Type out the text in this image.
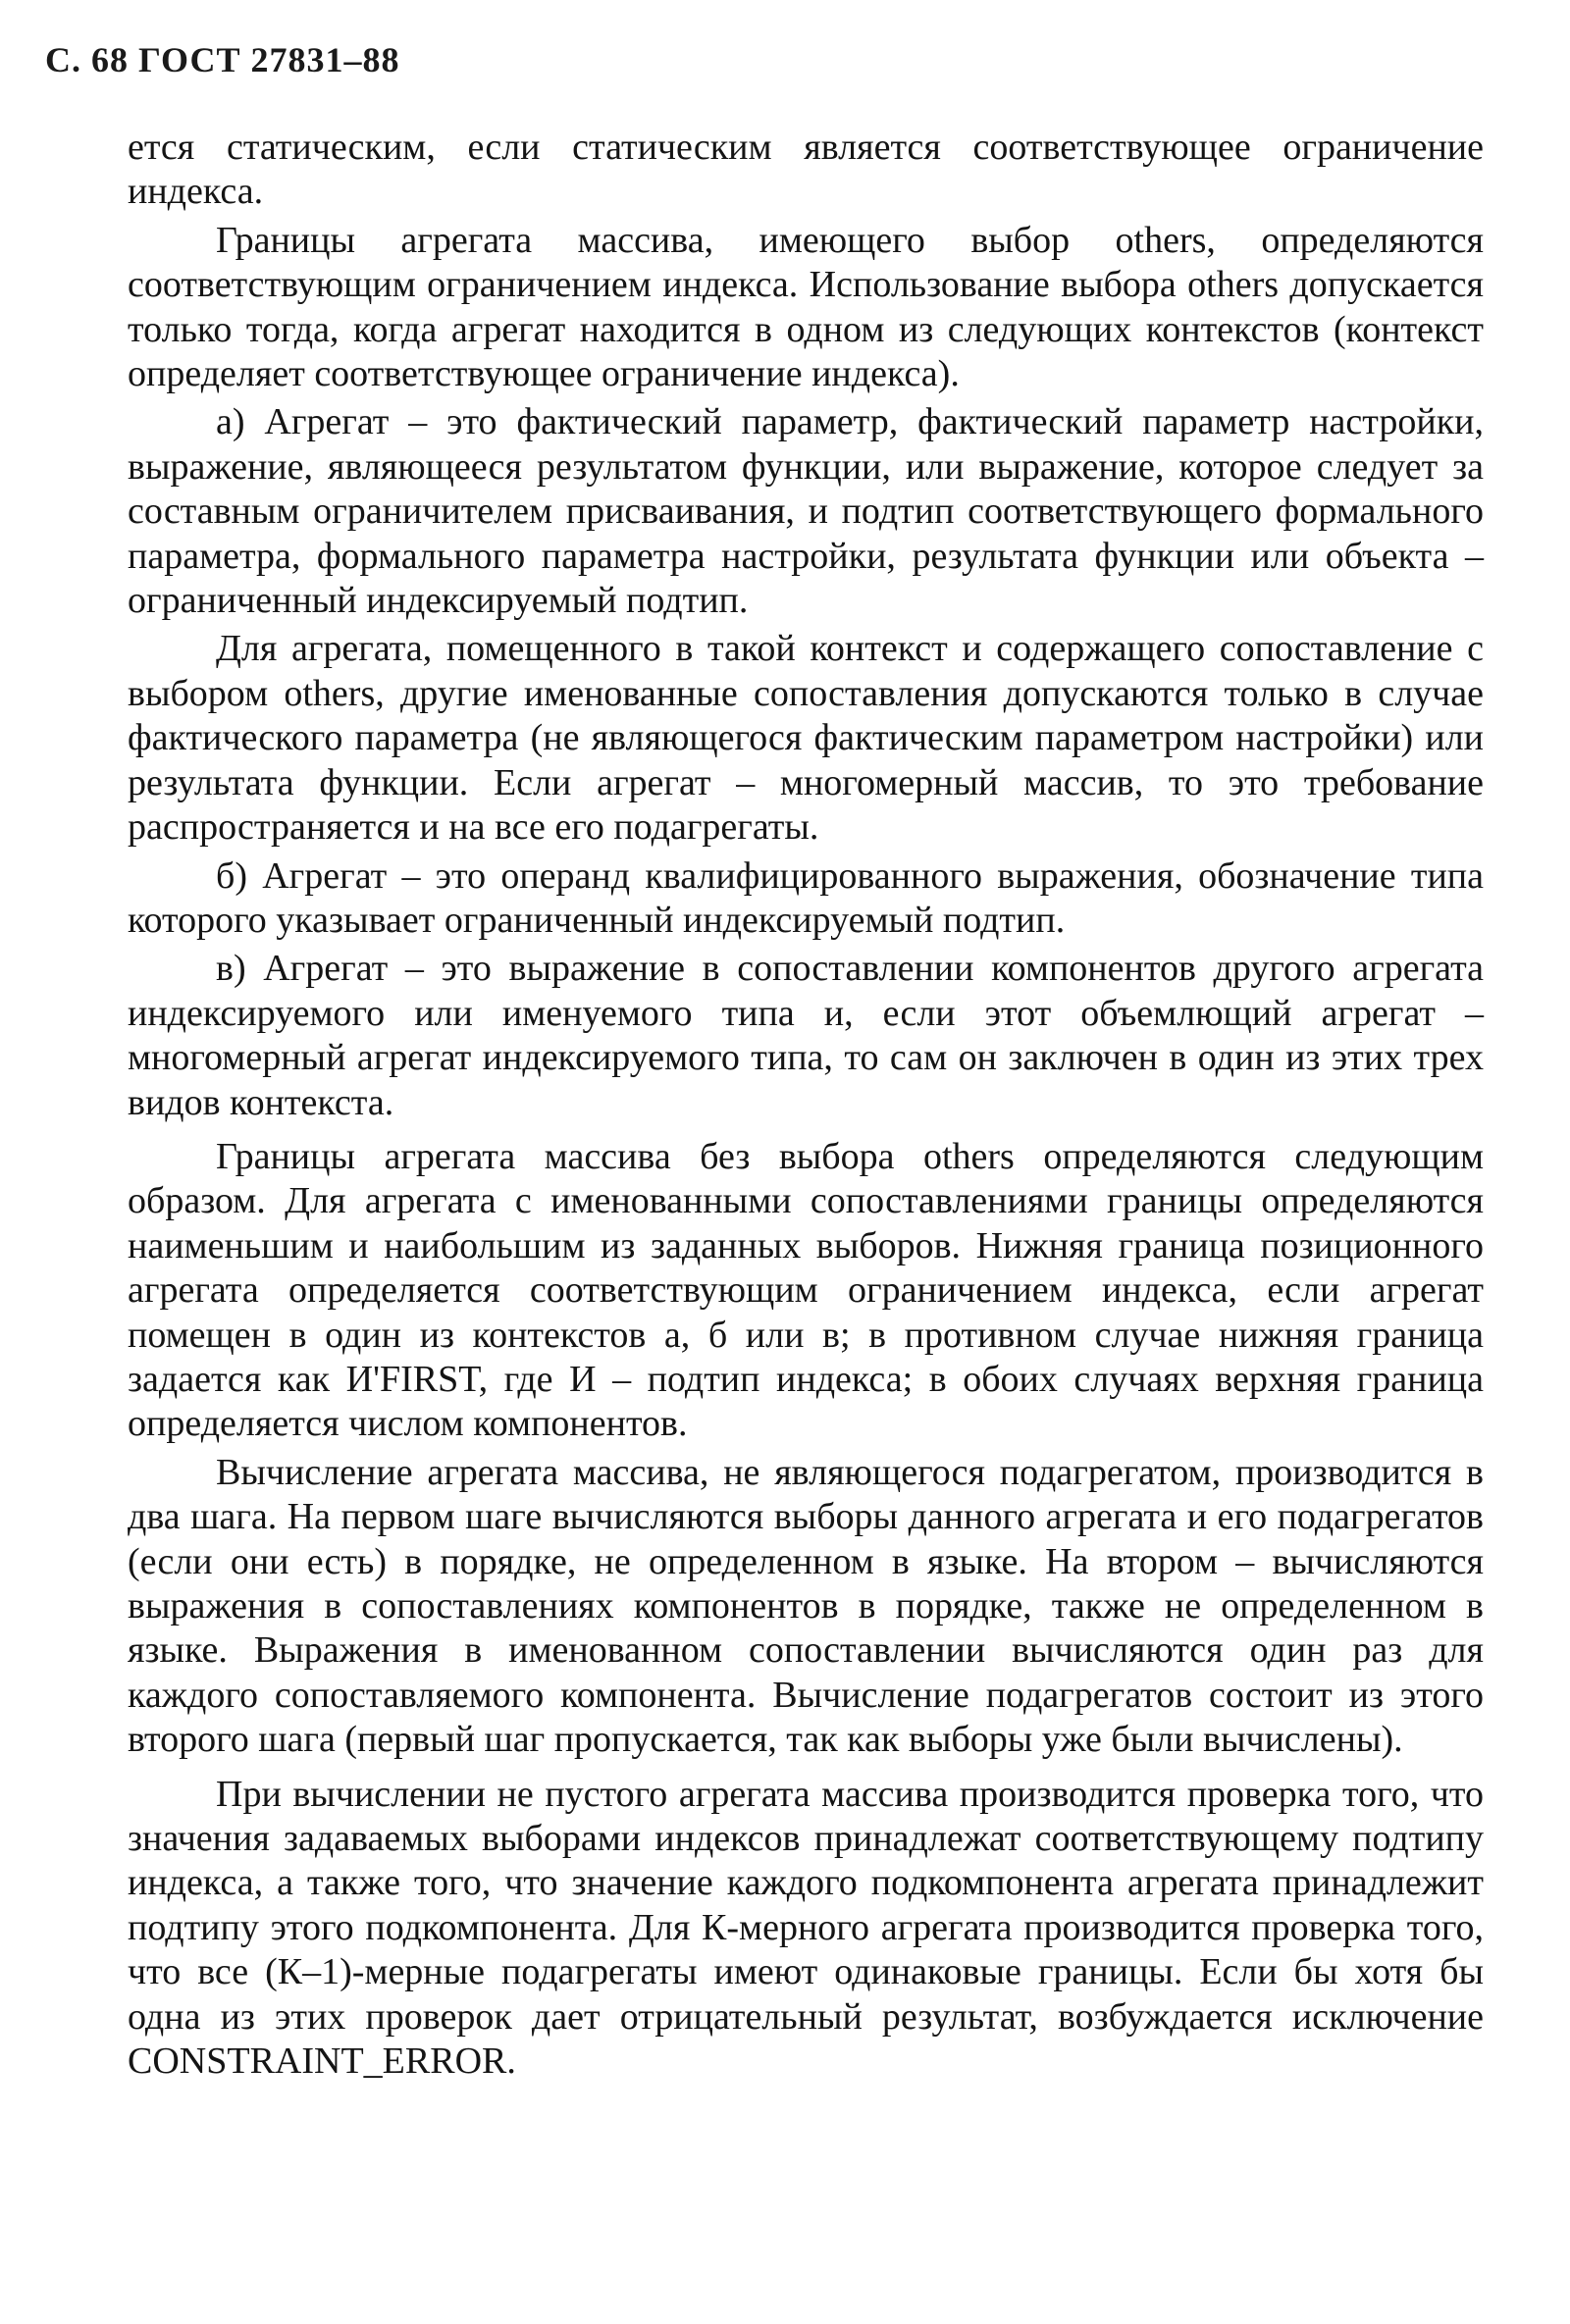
С. 68 ГОСТ 27831–88

ется статическим, если статическим является соответствующее ограничение индекса.

Границы агрегата массива, имеющего выбор others, определяются соответствующим ограничением индекса. Использование выбора others допускается только тогда, когда агрегат находится в одном из следующих контекстов (контекст определяет соответствующее ограничение индекса).

а) Агрегат – это фактический параметр, фактический параметр настройки, выражение, являющееся результатом функции, или выражение, которое следует за составным ограничителем присваивания, и подтип соответствующего формального параметра, формального параметра настройки, результата функции или объекта – ограниченный индексируемый подтип.

Для агрегата, помещенного в такой контекст и содержащего сопоставление с выбором others, другие именованные сопоставления допускаются только в случае фактического параметра (не являющегося фактическим параметром настройки) или результата функции. Если агрегат – многомерный массив, то это требование распространяется и на все его подагрегаты.

б) Агрегат – это операнд квалифицированного выражения, обозначение типа которого указывает ограниченный индексируемый подтип.

в) Агрегат – это выражение в сопоставлении компонентов другого агрегата индексируемого или именуемого типа и, если этот объемлющий агрегат – многомерный агрегат индексируемого типа, то сам он заключен в один из этих трех видов контекста.

Границы агрегата массива без выбора others определяются следующим образом. Для агрегата с именованными сопоставлениями границы определяются наименьшим и наибольшим из заданных выборов. Нижняя граница позиционного агрегата определяется соответствующим ограничением индекса, если агрегат помещен в один из контекстов а, б или в; в противном случае нижняя граница задается как И'FIRST, где И – подтип индекса; в обоих случаях верхняя граница определяется числом компонентов.

Вычисление агрегата массива, не являющегося подагрегатом, производится в два шага. На первом шаге вычисляются выборы данного агрегата и его подагрегатов (если они есть) в порядке, не определенном в языке. На втором – вычисляются выражения в сопоставлениях компонентов в порядке, также не определенном в языке. Выражения в именованном сопоставлении вычисляются один раз для каждого сопоставляемого компонента. Вычисление подагрегатов состоит из этого второго шага (первый шаг пропускается, так как выборы уже были вычислены).

При вычислении не пустого агрегата массива производится проверка того, что значения задаваемых выборами индексов принадлежат соответствующему подтипу индекса, а также того, что значение каждого подкомпонента агрегата принадлежит подтипу этого подкомпонента. Для К-мерного агрегата производится проверка того, что все (К–1)-мерные подагрегаты имеют одинаковые границы. Если бы хотя бы одна из этих проверок дает отрицательный результат, возбуждается исключение CONSTRAINT_ERROR.
